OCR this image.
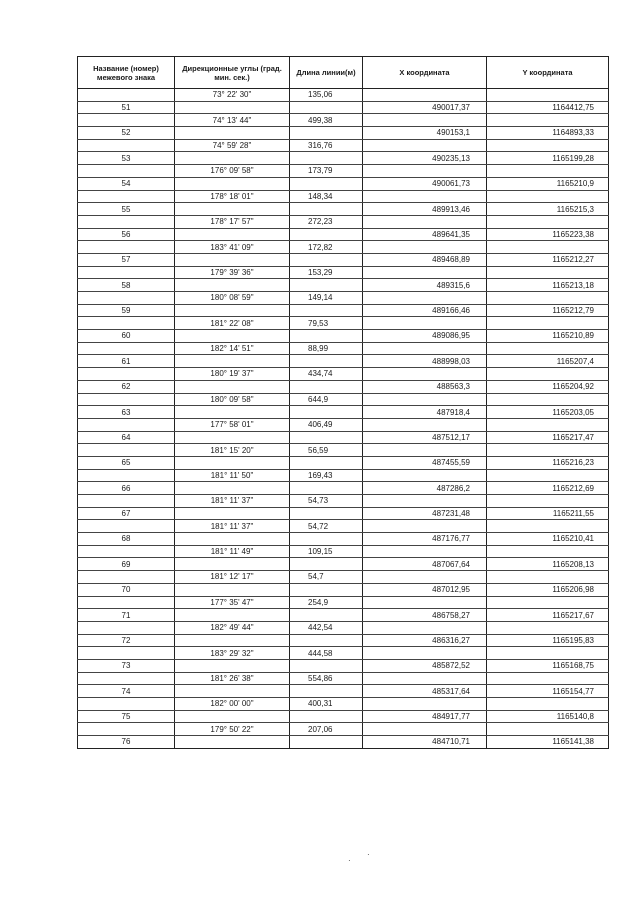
Название (номер) межевого знака	Дирекционные углы (град. мин. сек.)	Длина линии(м)	X координата	Y координата
	73° 22' 30"	135,06		
51			490017,37	1164412,75
	74° 13' 44"	499,38		
52			490153,1	1164893,33
	74° 59' 28"	316,76		
53			490235,13	1165199,28
	176° 09' 58"	173,79		
54			490061,73	1165210,9
	178° 18' 01"	148,34		
55			489913,46	1165215,3
	178° 17' 57"	272,23		
56			489641,35	1165223,38
	183° 41' 09"	172,82		
57			489468,89	1165212,27
	179° 39' 36"	153,29		
58			489315,6	1165213,18
	180° 08' 59"	149,14		
59			489166,46	1165212,79
	181° 22' 08"	79,53		
60			489086,95	1165210,89
	182° 14' 51"	88,99		
61			488998,03	1165207,4
	180° 19' 37"	434,74		
62			488563,3	1165204,92
	180° 09' 58"	644,9		
63			487918,4	1165203,05
	177° 58' 01"	406,49		
64			487512,17	1165217,47
	181° 15' 20"	56,59		
65			487455,59	1165216,23
	181° 11' 50"	169,43		
66			487286,2	1165212,69
	181° 11' 37"	54,73		
67			487231,48	1165211,55
	181° 11' 37"	54,72		
68			487176,77	1165210,41
	181° 11' 49"	109,15		
69			487067,64	1165208,13
	181° 12' 17"	54,7		
70			487012,95	1165206,98
	177° 35' 47"	254,9		
71			486758,27	1165217,67
	182° 49' 44"	442,54		
72			486316,27	1165195,83
	183° 29' 32"	444,58		
73			485872,52	1165168,75
	181° 26' 38"	554,86		
74			485317,64	1165154,77
	182° 00' 00"	400,31		
75			484917,77	1165140,8
	179° 50' 22"	207,06		
76			484710,71	1165141,38
·
·
